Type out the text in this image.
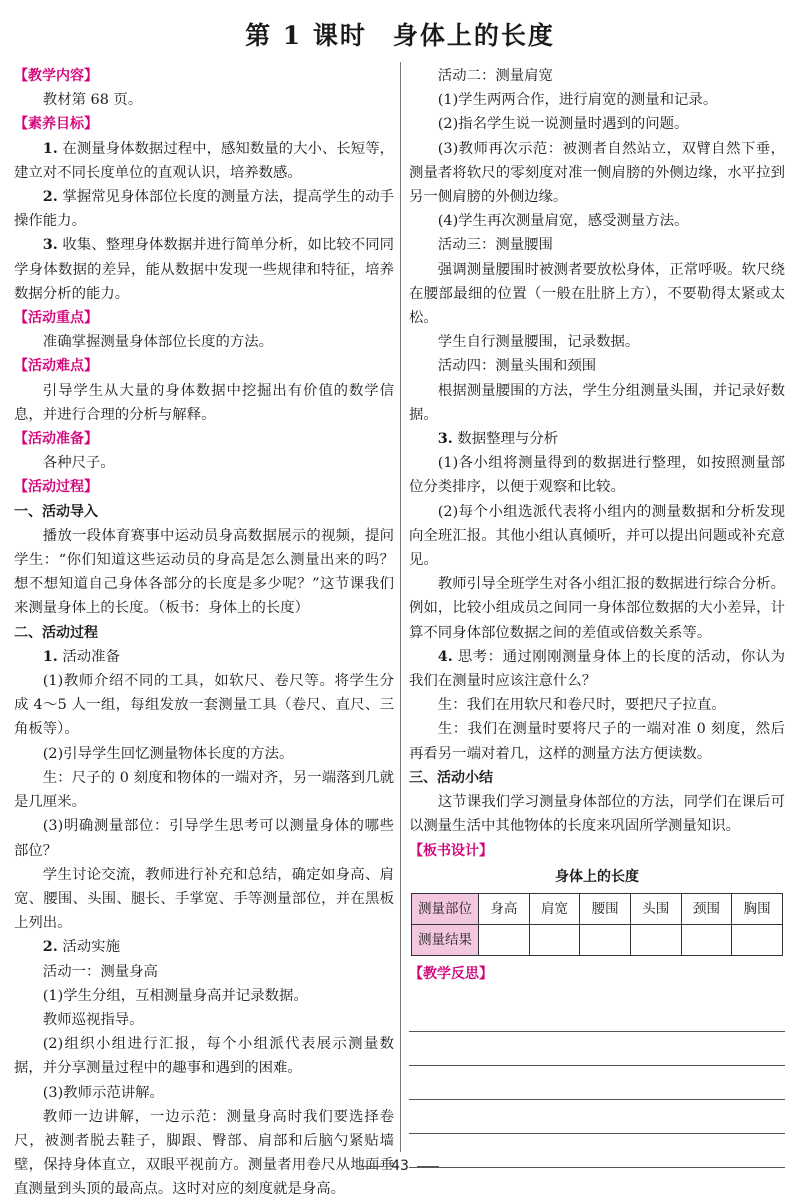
第 1 课时 身体上的长度

【教学内容】

教材第 68 页。

【素养目标】

1. 在测量身体数据过程中，感知数量的大小、长短等，建立对不同长度单位的直观认识，培养数感。

2. 掌握常见身体部位长度的测量方法，提高学生的动手操作能力。

3. 收集、整理身体数据并进行简单分析，如比较不同同学身体数据的差异，能从数据中发现一些规律和特征，培养数据分析的能力。

【活动重点】

准确掌握测量身体部位长度的方法。

【活动难点】

引导学生从大量的身体数据中挖掘出有价值的数学信息，并进行合理的分析与解释。

【活动准备】

各种尺子。

【活动过程】

一、活动导入

播放一段体育赛事中运动员身高数据展示的视频，提问学生：“你们知道这些运动员的身高是怎么测量出来的吗？想不想知道自己身体各部分的长度是多少呢？”这节课我们来测量身体上的长度。（板书：身体上的长度）

二、活动过程

1. 活动准备

(1)教师介绍不同的工具，如软尺、卷尺等。将学生分成 4～5 人一组，每组发放一套测量工具（卷尺、直尺、三角板等）。

(2)引导学生回忆测量物体长度的方法。

生：尺子的 0 刻度和物体的一端对齐，另一端落到几就是几厘米。

(3)明确测量部位：引导学生思考可以测量身体的哪些部位？

学生讨论交流，教师进行补充和总结，确定如身高、肩宽、腰围、头围、腿长、手掌宽、手等测量部位，并在黑板上列出。

2. 活动实施

活动一：测量身高

(1)学生分组，互相测量身高并记录数据。

教师巡视指导。

(2)组织小组进行汇报，每个小组派代表展示测量数据，并分享测量过程中的趣事和遇到的困难。

(3)教师示范讲解。

教师一边讲解，一边示范：测量身高时我们要选择卷尺，被测者脱去鞋子，脚跟、臀部、肩部和后脑勺紧贴墙壁，保持身体直立，双眼平视前方。测量者用卷尺从地面垂直测量到头顶的最高点。这时对应的刻度就是身高。

活动二：测量肩宽

(1)学生两两合作，进行肩宽的测量和记录。

(2)指名学生说一说测量时遇到的问题。

(3)教师再次示范：被测者自然站立，双臂自然下垂，测量者将软尺的零刻度对准一侧肩膀的外侧边缘，水平拉到另一侧肩膀的外侧边缘。

(4)学生再次测量肩宽，感受测量方法。

活动三：测量腰围

强调测量腰围时被测者要放松身体，正常呼吸。软尺绕在腰部最细的位置（一般在肚脐上方），不要勒得太紧或太松。

学生自行测量腰围，记录数据。

活动四：测量头围和颈围

根据测量腰围的方法，学生分组测量头围，并记录好数据。

3. 数据整理与分析

(1)各小组将测量得到的数据进行整理，如按照测量部位分类排序，以便于观察和比较。

(2)每个小组选派代表将小组内的测量数据和分析发现向全班汇报。其他小组认真倾听，并可以提出问题或补充意见。

教师引导全班学生对各小组汇报的数据进行综合分析。例如，比较小组成员之间同一身体部位数据的大小差异，计算不同身体部位数据之间的差值或倍数关系等。

4. 思考：通过刚刚测量身体上的长度的活动，你认为我们在测量时应该注意什么？

生：我们在用软尺和卷尺时，要把尺子拉直。

生：我们在测量时要将尺子的一端对准 0 刻度，然后再看另一端对着几，这样的测量方法方便读数。

三、活动小结

这节课我们学习测量身体部位的方法，同学们在课后可以测量生活中其他物体的长度来巩固所学测量知识。

【板书设计】

身体上的长度
测量部位	身高	肩宽	腰围	头围	颈围	胸围
测量结果						

【教学反思】

43
